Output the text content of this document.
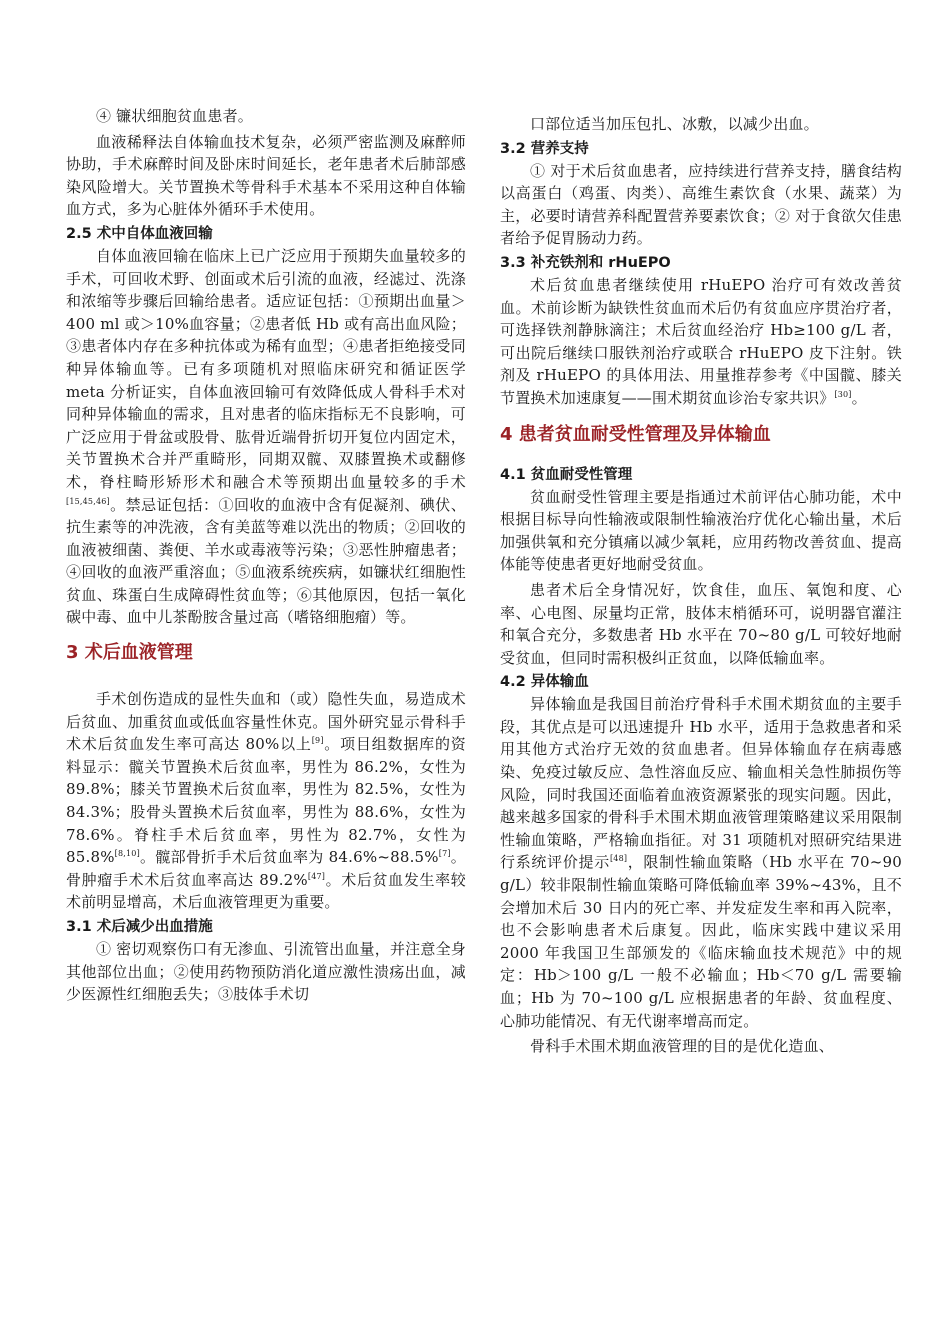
④ 镰状细胞贫血患者。

血液稀释法自体输血技术复杂，必须严密监测及麻醉师协助，手术麻醉时间及卧床时间延长，老年患者术后肺部感染风险增大。关节置换术等骨科手术基本不采用这种自体输血方式，多为心脏体外循环手术使用。

2.5 术中自体血液回输

自体血液回输在临床上已广泛应用于预期失血量较多的手术，可回收术野、创面或术后引流的血液，经滤过、洗涤和浓缩等步骤后回输给患者。适应证包括：①预期出血量＞400 ml 或＞10%血容量；②患者低 Hb 或有高出血风险；③患者体内存在多种抗体或为稀有血型；④患者拒绝接受同种异体输血等。已有多项随机对照临床研究和循证医学 meta 分析证实，自体血液回输可有效降低成人骨科手术对同种异体输血的需求，且对患者的临床指标无不良影响，可广泛应用于骨盆或股骨、肱骨近端骨折切开复位内固定术，关节置换术合并严重畸形，同期双髋、双膝置换术或翻修术，脊柱畸形矫形术和融合术等预期出血量较多的手术[15,45,46]。禁忌证包括：①回收的血液中含有促凝剂、碘伏、抗生素等的冲洗液，含有美蓝等难以洗出的物质；②回收的血液被细菌、粪便、羊水或毒液等污染；③恶性肿瘤患者；④回收的血液严重溶血；⑤血液系统疾病，如镰状红细胞性贫血、珠蛋白生成障碍性贫血等；⑥其他原因，包括一氧化碳中毒、血中儿茶酚胺含量过高（嗜铬细胞瘤）等。

3 术后血液管理

手术创伤造成的显性失血和（或）隐性失血，易造成术后贫血、加重贫血或低血容量性休克。国外研究显示骨科手术术后贫血发生率可高达 80%以上[9]。项目组数据库的资料显示：髋关节置换术后贫血率，男性为 86.2%，女性为 89.8%；膝关节置换术后贫血率，男性为 82.5%，女性为 84.3%；股骨头置换术后贫血率，男性为 88.6%，女性为 78.6%。脊柱手术后贫血率，男性为 82.7%，女性为 85.8%[8,10]。髋部骨折手术后贫血率为 84.6%~88.5%[7]。骨肿瘤手术术后贫血率高达 89.2%[47]。术后贫血发生率较术前明显增高，术后血液管理更为重要。

3.1 术后减少出血措施

① 密切观察伤口有无渗血、引流管出血量，并注意全身其他部位出血；②使用药物预防消化道应激性溃疡出血，减少医源性红细胞丢失；③肢体手术切

口部位适当加压包扎、冰敷，以减少出血。

3.2 营养支持

① 对于术后贫血患者，应持续进行营养支持，膳食结构以高蛋白（鸡蛋、肉类）、高维生素饮食（水果、蔬菜）为主，必要时请营养科配置营养要素饮食；② 对于食欲欠佳患者给予促胃肠动力药。

3.3 补充铁剂和 rHuEPO

术后贫血患者继续使用 rHuEPO 治疗可有效改善贫血。术前诊断为缺铁性贫血而术后仍有贫血应序贯治疗者，可选择铁剂静脉滴注；术后贫血经治疗 Hb≥100 g/L 者，可出院后继续口服铁剂治疗或联合 rHuEPO 皮下注射。铁剂及 rHuEPO 的具体用法、用量推荐参考《中国髋、膝关节置换术加速康复——围术期贫血诊治专家共识》[30]。

4 患者贫血耐受性管理及异体输血
4.1 贫血耐受性管理

贫血耐受性管理主要是指通过术前评估心肺功能，术中根据目标导向性输液或限制性输液治疗优化心输出量，术后加强供氧和充分镇痛以减少氧耗，应用药物改善贫血、提高体能等使患者更好地耐受贫血。

患者术后全身情况好，饮食佳，血压、氧饱和度、心率、心电图、尿量均正常，肢体末梢循环可，说明器官灌注和氧合充分，多数患者 Hb 水平在 70~80 g/L 可较好地耐受贫血，但同时需积极纠正贫血，以降低输血率。

4.2 异体输血

异体输血是我国目前治疗骨科手术围术期贫血的主要手段，其优点是可以迅速提升 Hb 水平，适用于急救患者和采用其他方式治疗无效的贫血患者。但异体输血存在病毒感染、免疫过敏反应、急性溶血反应、输血相关急性肺损伤等风险，同时我国还面临着血液资源紧张的现实问题。因此，越来越多国家的骨科手术围术期血液管理策略建议采用限制性输血策略，严格输血指征。对 31 项随机对照研究结果进行系统评价提示[48]，限制性输血策略（Hb 水平在 70~90 g/L）较非限制性输血策略可降低输血率 39%~43%，且不会增加术后 30 日内的死亡率、并发症发生率和再入院率，也不会影响患者术后康复。因此，临床实践中建议采用 2000 年我国卫生部颁发的《临床输血技术规范》中的规定：Hb＞100 g/L 一般不必输血；Hb＜70 g/L 需要输血；Hb 为 70~100 g/L 应根据患者的年龄、贫血程度、心肺功能情况、有无代谢率增高而定。

骨科手术围术期血液管理的目的是优化造血、
